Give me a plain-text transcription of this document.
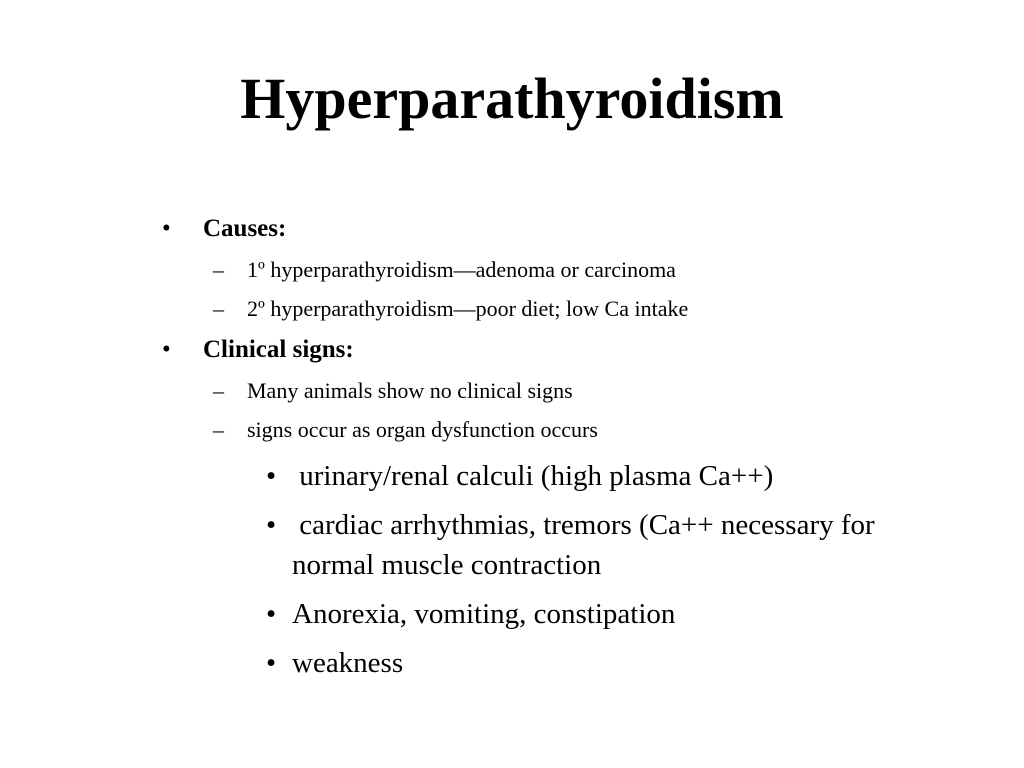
Hyperparathyroidism
• Causes:
– 1º hyperparathyroidism—adenoma or carcinoma
– 2º hyperparathyroidism—poor diet; low Ca intake
• Clinical signs:
– Many animals show no clinical signs
– signs occur as organ dysfunction occurs
• urinary/renal calculi (high plasma Ca++)
• cardiac arrhythmias, tremors (Ca++ necessary for normal muscle contraction
• Anorexia, vomiting, constipation
• weakness
